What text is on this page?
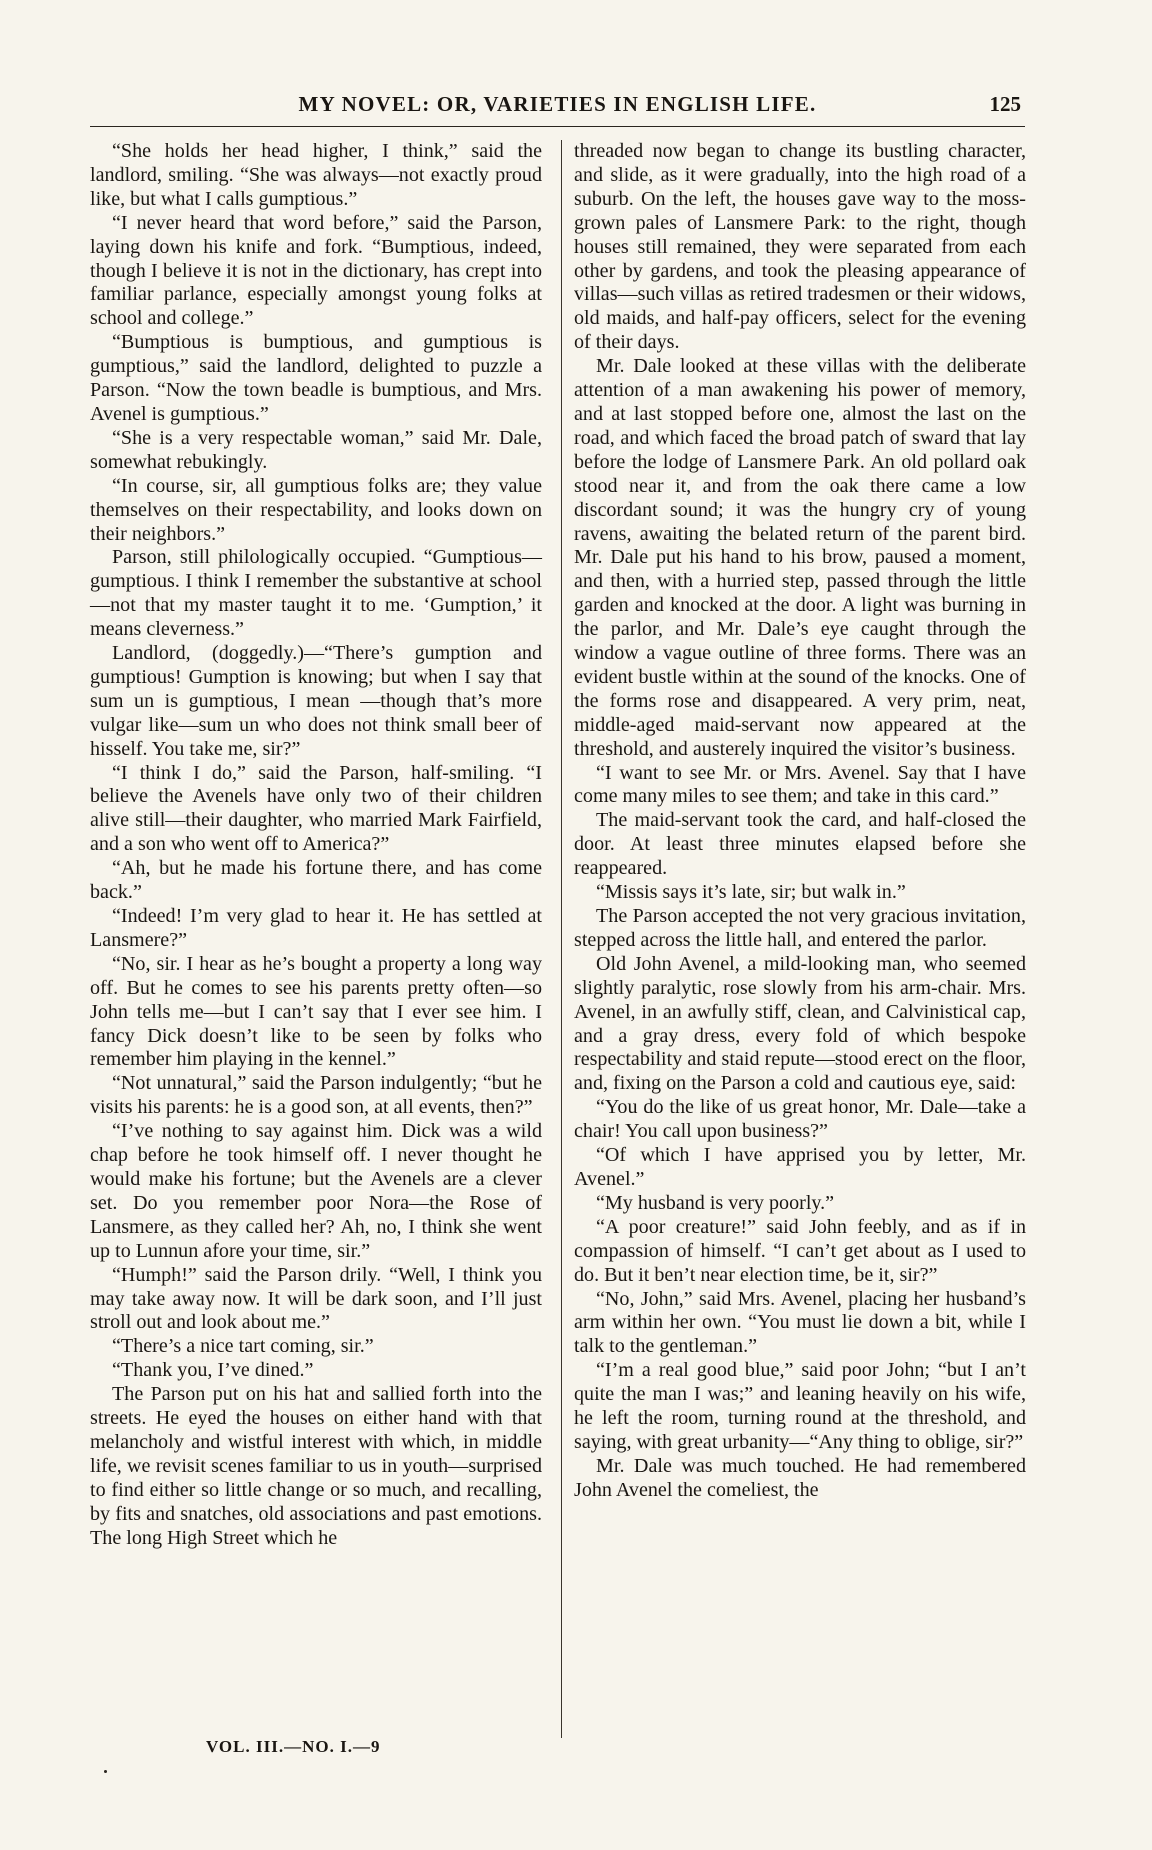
MY NOVEL: OR, VARIETIES IN ENGLISH LIFE.	125

“She holds her head higher, I think,” said the landlord, smiling. “She was always—not exactly proud like, but what I calls gumptious.”

“I never heard that word before,” said the Parson, laying down his knife and fork. “Bumptious, indeed, though I believe it is not in the dictionary, has crept into familiar parlance, especially amongst young folks at school and college.”

“Bumptious is bumptious, and gumptious is gumptious,” said the landlord, delighted to puzzle a Parson. “Now the town beadle is bumptious, and Mrs. Avenel is gumptious.”

“She is a very respectable woman,” said Mr. Dale, somewhat rebukingly.

“In course, sir, all gumptious folks are; they value themselves on their respectability, and looks down on their neighbors.”

Parson, still philologically occupied. “Gumptious—gumptious. I think I remember the substantive at school—not that my master taught it to me. ‘Gumption,’ it means cleverness.”

Landlord, (doggedly.)—“There’s gumption and gumptious! Gumption is knowing; but when I say that sum un is gumptious, I mean —though that’s more vulgar like—sum un who does not think small beer of hisself. You take me, sir?”

“I think I do,” said the Parson, half-smiling. “I believe the Avenels have only two of their children alive still—their daughter, who married Mark Fairfield, and a son who went off to America?”

“Ah, but he made his fortune there, and has come back.”

“Indeed! I’m very glad to hear it. He has settled at Lansmere?”

“No, sir. I hear as he’s bought a property a long way off. But he comes to see his parents pretty often—so John tells me—but I can’t say that I ever see him. I fancy Dick doesn’t like to be seen by folks who remember him playing in the kennel.”

“Not unnatural,” said the Parson indulgently; “but he visits his parents: he is a good son, at all events, then?”

“I’ve nothing to say against him. Dick was a wild chap before he took himself off. I never thought he would make his fortune; but the Avenels are a clever set. Do you remember poor Nora—the Rose of Lansmere, as they called her? Ah, no, I think she went up to Lunnun afore your time, sir.”

“Humph!” said the Parson drily. “Well, I think you may take away now. It will be dark soon, and I’ll just stroll out and look about me.”

“There’s a nice tart coming, sir.”

“Thank you, I’ve dined.”

The Parson put on his hat and sallied forth into the streets. He eyed the houses on either hand with that melancholy and wistful interest with which, in middle life, we revisit scenes familiar to us in youth—surprised to find either so little change or so much, and recalling, by fits and snatches, old associations and past emotions. The long High Street which he

threaded now began to change its bustling character, and slide, as it were gradually, into the high road of a suburb. On the left, the houses gave way to the moss-grown pales of Lansmere Park: to the right, though houses still remained, they were separated from each other by gardens, and took the pleasing appearance of villas—such villas as retired tradesmen or their widows, old maids, and half-pay officers, select for the evening of their days.

Mr. Dale looked at these villas with the deliberate attention of a man awakening his power of memory, and at last stopped before one, almost the last on the road, and which faced the broad patch of sward that lay before the lodge of Lansmere Park. An old pollard oak stood near it, and from the oak there came a low discordant sound; it was the hungry cry of young ravens, awaiting the belated return of the parent bird. Mr. Dale put his hand to his brow, paused a moment, and then, with a hurried step, passed through the little garden and knocked at the door. A light was burning in the parlor, and Mr. Dale’s eye caught through the window a vague outline of three forms. There was an evident bustle within at the sound of the knocks. One of the forms rose and disappeared. A very prim, neat, middle-aged maid-servant now appeared at the threshold, and austerely inquired the visitor’s business.

“I want to see Mr. or Mrs. Avenel. Say that I have come many miles to see them; and take in this card.”

The maid-servant took the card, and half-closed the door. At least three minutes elapsed before she reappeared.

“Missis says it’s late, sir; but walk in.”

The Parson accepted the not very gracious invitation, stepped across the little hall, and entered the parlor.

Old John Avenel, a mild-looking man, who seemed slightly paralytic, rose slowly from his arm-chair. Mrs. Avenel, in an awfully stiff, clean, and Calvinistical cap, and a gray dress, every fold of which bespoke respectability and staid repute—stood erect on the floor, and, fixing on the Parson a cold and cautious eye, said:

“You do the like of us great honor, Mr. Dale—take a chair! You call upon business?”

“Of which I have apprised you by letter, Mr. Avenel.”

“My husband is very poorly.”

“A poor creature!” said John feebly, and as if in compassion of himself. “I can’t get about as I used to do. But it ben’t near election time, be it, sir?”

“No, John,” said Mrs. Avenel, placing her husband’s arm within her own. “You must lie down a bit, while I talk to the gentleman.”

“I’m a real good blue,” said poor John; “but I an’t quite the man I was;” and leaning heavily on his wife, he left the room, turning round at the threshold, and saying, with great urbanity—“Any thing to oblige, sir?”

Mr. Dale was much touched. He had remembered John Avenel the comeliest, the

VOL. III.—NO. I.—9
